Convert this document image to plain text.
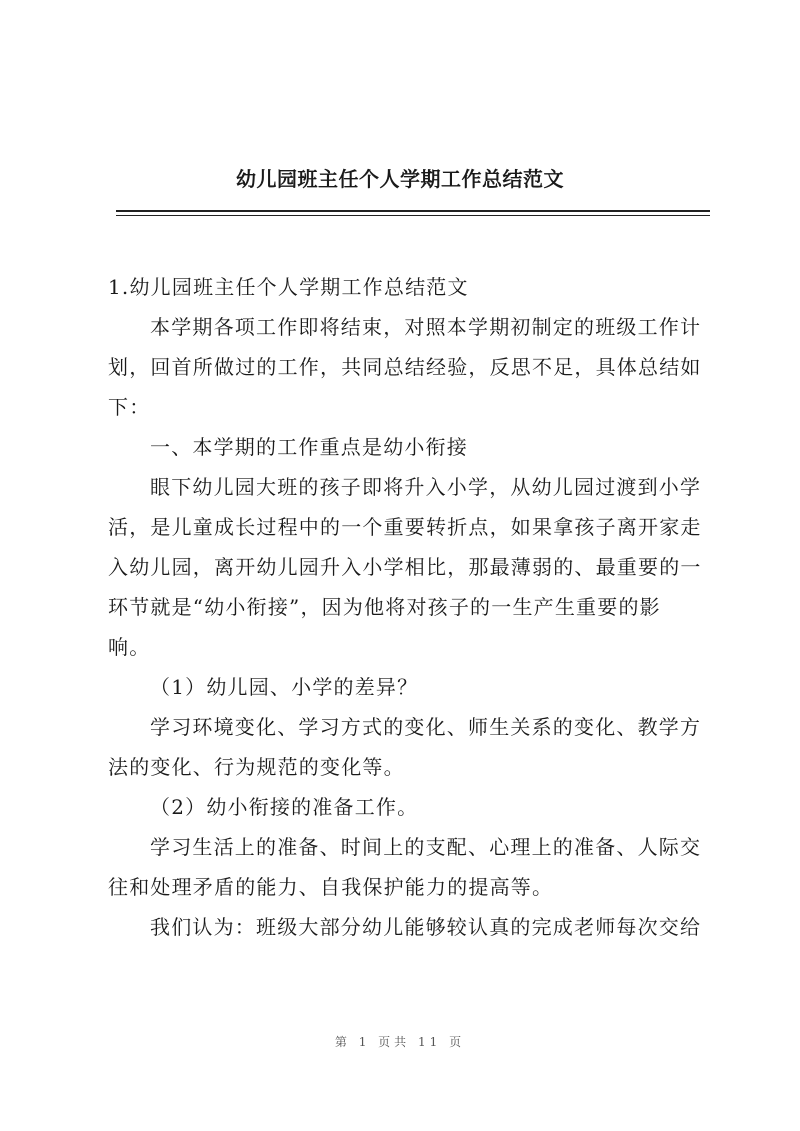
幼儿园班主任个人学期工作总结范文
1.幼儿园班主任个人学期工作总结范文
本学期各项工作即将结束，对照本学期初制定的班级工作计
划，回首所做过的工作，共同总结经验，反思不足，具体总结如
下：
一、本学期的工作重点是幼小衔接
眼下幼儿园大班的孩子即将升入小学，从幼儿园过渡到小学
活，是儿童成长过程中的一个重要转折点，如果拿孩子离开家走
入幼儿园，离开幼儿园升入小学相比，那最薄弱的、最重要的一
环节就是“幼小衔接”，因为他将对孩子的一生产生重要的影
响。
（1）幼儿园、小学的差异？
学习环境变化、学习方式的变化、师生关系的变化、教学方
法的变化、行为规范的变化等。
（2）幼小衔接的准备工作。
学习生活上的准备、时间上的支配、心理上的准备、人际交
往和处理矛盾的能力、自我保护能力的提高等。
我们认为：班级大部分幼儿能够较认真的完成老师每次交给
第 1 页共 11 页
